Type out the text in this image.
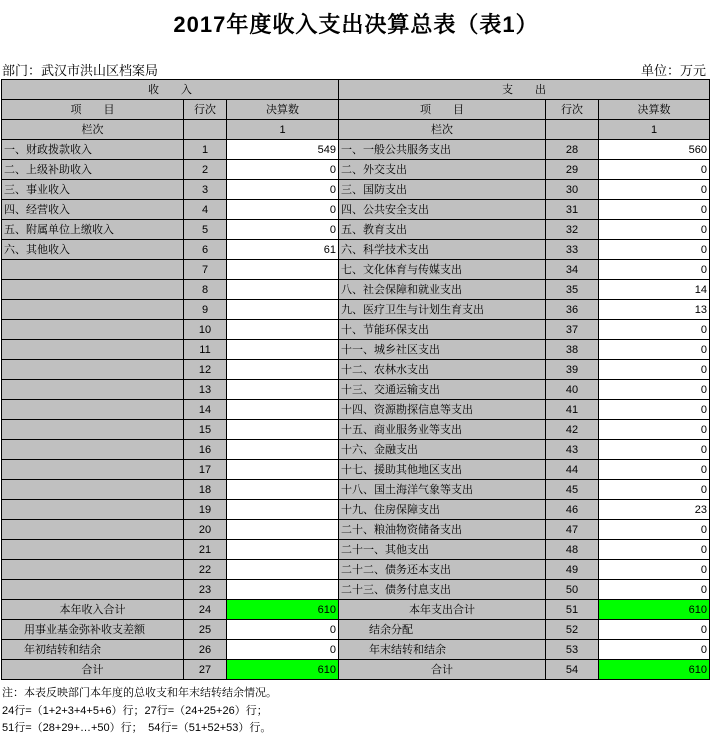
2017年度收入支出决算总表（表1）
部门：武汉市洪山区档案局	单位：万元
收　　入			支　　出		
项　　目	行次	决算数	项　　目	行次	决算数
栏次		1	栏次		1
一、财政拨款收入	1	549	一、一般公共服务支出	28	560
二、上级补助收入	2	0	二、外交支出	29	0
三、事业收入	3	0	三、国防支出	30	0
四、经营收入	4	0	四、公共安全支出	31	0
五、附属单位上缴收入	5	0	五、教育支出	32	0
六、其他收入	6	61	六、科学技术支出	33	0
	7		七、文化体育与传媒支出	34	0
	8		八、社会保障和就业支出	35	14
	9		九、医疗卫生与计划生育支出	36	13
	10		十、节能环保支出	37	0
	11		十一、城乡社区支出	38	0
	12		十二、农林水支出	39	0
	13		十三、交通运输支出	40	0
	14		十四、资源勘探信息等支出	41	0
	15		十五、商业服务业等支出	42	0
	16		十六、金融支出	43	0
	17		十七、援助其他地区支出	44	0
	18		十八、国土海洋气象等支出	45	0
	19		十九、住房保障支出	46	23
	20		二十、粮油物资储备支出	47	0
	21		二十一、其他支出	48	0
	22		二十二、债务还本支出	49	0
	23		二十三、债务付息支出	50	0
本年收入合计	24	610	本年支出合计	51	610
用事业基金弥补收支差额	25	0	结余分配	52	0
年初结转和结余	26	0	年末结转和结余	53	0
合计	27	610	合计	54	610
注：本表反映部门本年度的总收支和年末结转结余情况。
24行=（1+2+3+4+5+6）行；27行=（24+25+26）行；
51行=（28+29+…+50）行；　54行=（51+52+53）行。
